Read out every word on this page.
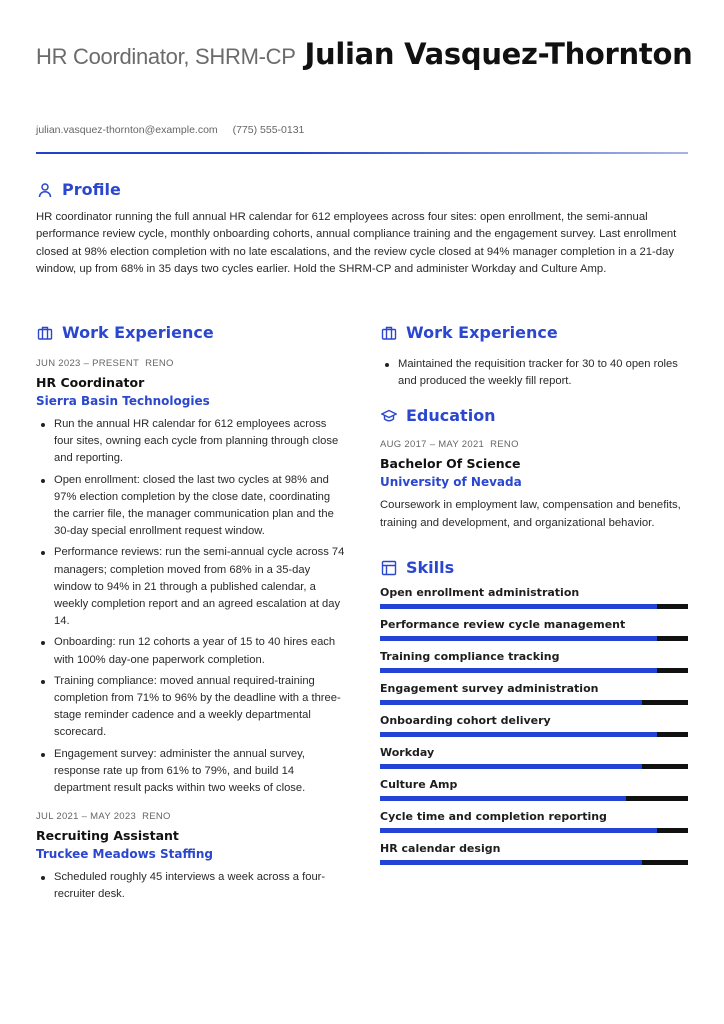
HR Coordinator, SHRM-CP Julian Vasquez-Thornton
julian.vasquez-thornton@example.com (775) 555-0131
Profile

HR coordinator running the full annual HR calendar for 612 employees across four sites: open enrollment, the semi-annual performance review cycle, monthly onboarding cohorts, annual compliance training and the engagement survey. Last enrollment closed at 98% election completion with no late escalations, and the review cycle closed at 94% manager completion in a 21-day window, up from 68% in 35 days two cycles earlier. Hold the SHRM-CP and administer Workday and Culture Amp.

Work Experience
JUN 2023 – PRESENT RENO
HR Coordinator
Sierra Basin Technologies
Run the annual HR calendar for 612 employees across four sites, owning each cycle from planning through close and reporting.
Open enrollment: closed the last two cycles at 98% and 97% election completion by the close date, coordinating the carrier file, the manager communication plan and the 30-day special enrollment request window.
Performance reviews: run the semi-annual cycle across 74 managers; completion moved from 68% in a 35-day window to 94% in 21 through a published calendar, a weekly completion report and an agreed escalation at day 14.
Onboarding: run 12 cohorts a year of 15 to 40 hires each with 100% day-one paperwork completion.
Training compliance: moved annual required-training completion from 71% to 96% by the deadline with a three-stage reminder cadence and a weekly departmental scorecard.
Engagement survey: administer the annual survey, response rate up from 61% to 79%, and build 14 department result packs within two weeks of close.
JUL 2021 – MAY 2023 RENO
Recruiting Assistant
Truckee Meadows Staffing
Scheduled roughly 45 interviews a week across a four-recruiter desk.
Work Experience
Maintained the requisition tracker for 30 to 40 open roles and produced the weekly fill report.
Education
AUG 2017 – MAY 2021 RENO
Bachelor Of Science
University of Nevada
Coursework in employment law, compensation and benefits, training and development, and organizational behavior.
Skills
Open enrollment administration
Performance review cycle management
Training compliance tracking
Engagement survey administration
Onboarding cohort delivery
Workday
Culture Amp
Cycle time and completion reporting
HR calendar design
